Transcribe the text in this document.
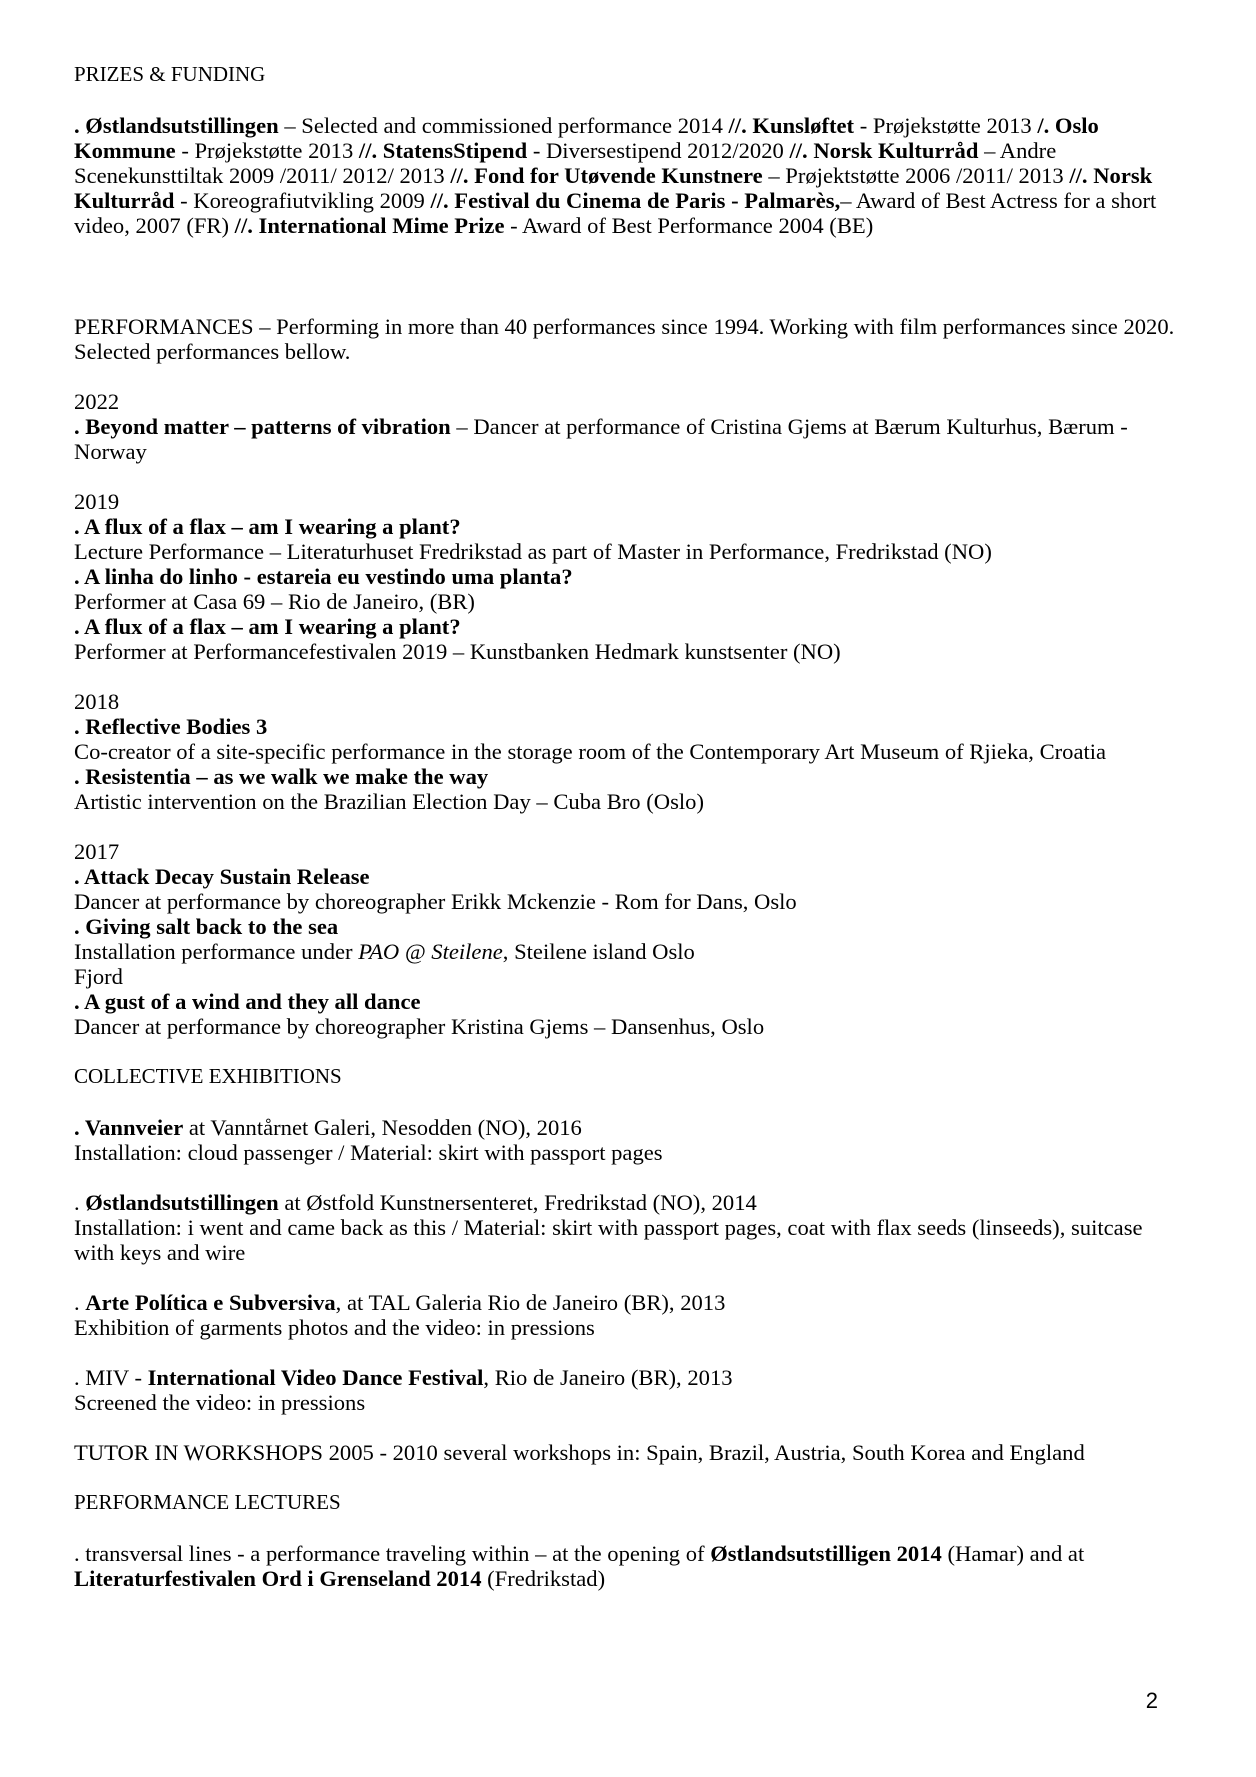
PRIZES & FUNDING

. Østlandsutstillingen – Selected and commissioned performance 2014 //. Kunsløftet - Prøjekstøtte 2013 /. Oslo Kommune - Prøjekstøtte 2013 //. StatensStipend - Diversestipend 2012/2020 //. Norsk Kulturråd – Andre Scenekunsttiltak 2009 /2011/ 2012/ 2013 //. Fond for Utøvende Kunstnere – Prøjektstøtte 2006 /2011/ 2013 //. Norsk Kulturråd - Koreografiutvikling 2009 //. Festival du Cinema de Paris - Palmarès,– Award of Best Actress for a short video, 2007 (FR) //. International Mime Prize - Award of Best Performance 2004 (BE)

PERFORMANCES – Performing in more than 40 performances since 1994. Working with film performances since 2020. Selected performances bellow.

2022

. Beyond matter – patterns of vibration – Dancer at performance of Cristina Gjems at Bærum Kulturhus, Bærum - Norway

2019

. A flux of a flax – am I wearing a plant?

Lecture Performance – Literaturhuset Fredrikstad as part of Master in Performance, Fredrikstad (NO)

. A linha do linho - estareia eu vestindo uma planta?

Performer at Casa 69 – Rio de Janeiro, (BR)

. A flux of a flax – am I wearing a plant?

Performer at Performancefestivalen 2019 – Kunstbanken Hedmark kunstsenter (NO)

2018

. Reflective Bodies 3

Co-creator of a site-specific performance in the storage room of the Contemporary Art Museum of Rjieka, Croatia

. Resistentia – as we walk we make the way

Artistic intervention on the Brazilian Election Day – Cuba Bro (Oslo)

2017

. Attack Decay Sustain Release

Dancer at performance by choreographer Erikk Mckenzie - Rom for Dans, Oslo

. Giving salt back to the sea

Installation performance under PAO @ Steilene, Steilene island Oslo

Fjord

. A gust of a wind and they all dance

Dancer at performance by choreographer Kristina Gjems – Dansenhus, Oslo

COLLECTIVE EXHIBITIONS

. Vannveier at Vanntårnet Galeri, Nesodden (NO), 2016

Installation: cloud passenger / Material: skirt with passport pages

. Østlandsutstillingen at Østfold Kunstnersenteret, Fredrikstad (NO), 2014

Installation: i went and came back as this / Material: skirt with passport pages, coat with flax seeds (linseeds), suitcase with keys and wire

. Arte Política e Subversiva, at TAL Galeria Rio de Janeiro (BR), 2013

Exhibition of garments photos and the video: in pressions

. MIV - International Video Dance Festival, Rio de Janeiro (BR), 2013

Screened the video: in pressions

TUTOR IN WORKSHOPS 2005 - 2010 several workshops in: Spain, Brazil, Austria, South Korea and England

PERFORMANCE LECTURES

. transversal lines - a performance traveling within – at the opening of Østlandsutstilligen 2014 (Hamar) and at Literaturfestivalen Ord i Grenseland 2014 (Fredrikstad)

2
